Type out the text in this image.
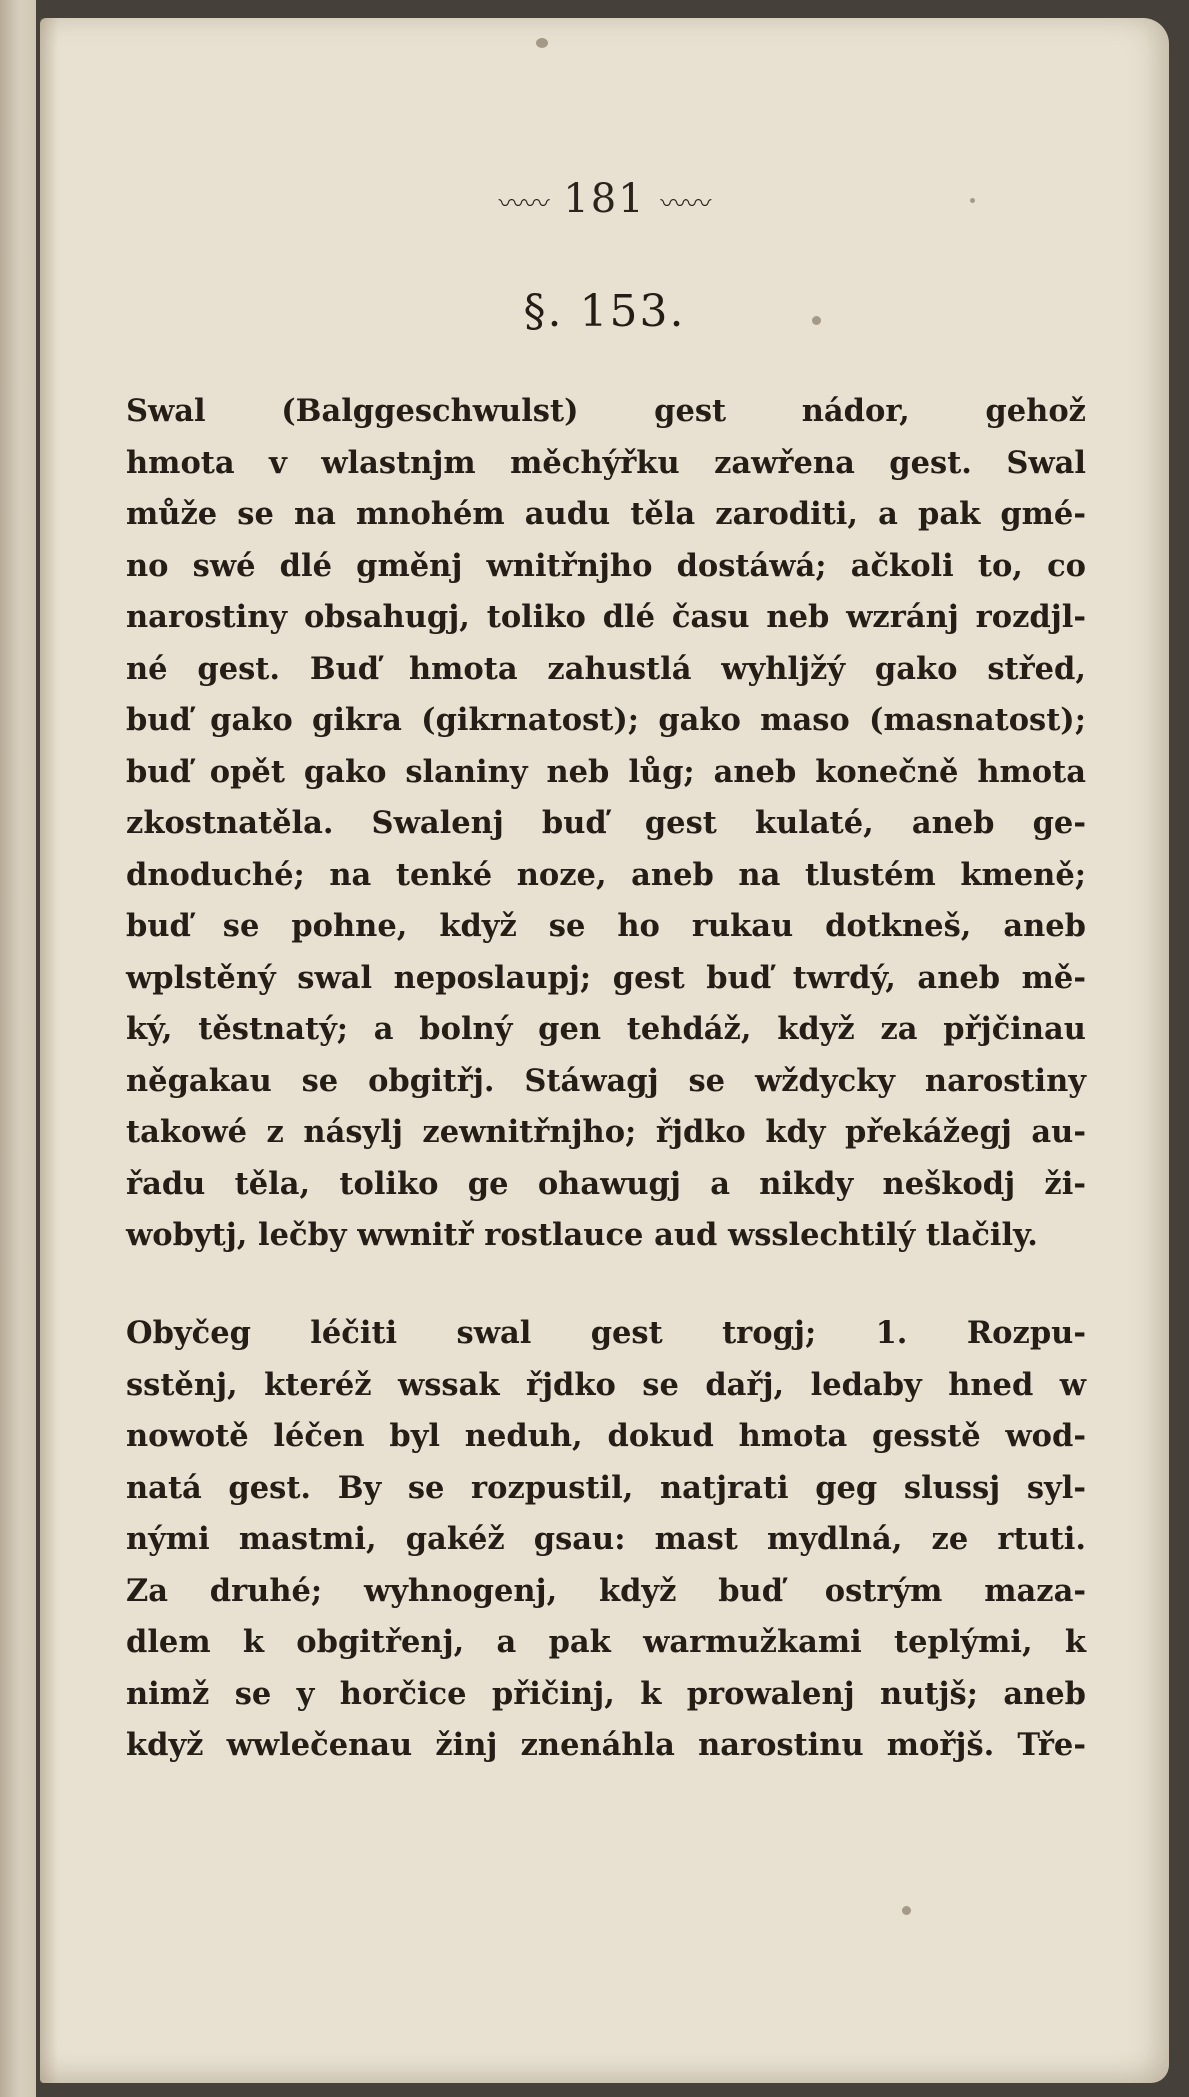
〰〰 181 〰〰
§. 153.
Swal (Balggeschwulst) gest nádor, gehož
hmota v wlastnjm měchýřku zawřena gest. Swal
může se na mnohém audu těla zaroditi, a pak gmé-
no swé dlé gměnj wnitřnjho dostáwá; ačkoli to, co
narostiny obsahugj, toliko dlé času neb wzránj rozdjl-
né gest. Buď hmota zahustlá wyhljžý gako střed,
buď gako gikra (gikrnatost); gako maso (masnatost);
buď opět gako slaniny neb lůg; aneb konečně hmota
zkostnatěla. Swalenj buď gest kulaté, aneb ge-
dnoduché; na tenké noze, aneb na tlustém kmeně;
buď se pohne, když se ho rukau dotkneš, aneb
wplstěný swal neposlaupj; gest buď twrdý, aneb mě-
ký, těstnatý; a bolný gen tehdáž, když za přjčinau
něgakau se obgitřj. Stáwagj se wždycky narostiny
takowé z násylj zewnitřnjho; řjdko kdy překážegj au-
řadu těla, toliko ge ohawugj a nikdy neškodj ži-
wobytj, lečby wwnitř rostlauce aud wsslechtilý tlačily.
Obyčeg léčiti swal gest trogj; 1. Rozpu-
sstěnj, kteréž wssak řjdko se dařj, ledaby hned w
nowotě léčen byl neduh, dokud hmota gesstě wod-
natá gest. By se rozpustil, natjrati geg slussj syl-
nými mastmi, gakéž gsau: mast mydlná, ze rtuti.
Za druhé; wyhnogenj, když buď ostrým maza-
dlem k obgitřenj, a pak warmužkami teplými, k
nimž se y horčice přičinj, k prowalenj nutjš; aneb
když wwlečenau žinj znenáhla narostinu mořjš. Tře-
